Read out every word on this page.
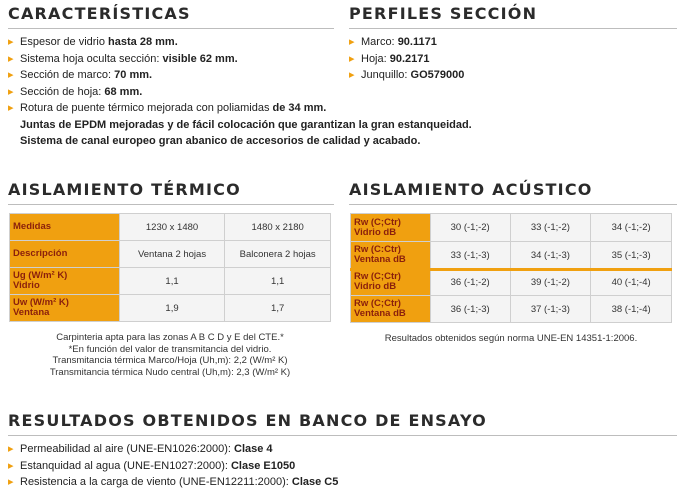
CARACTERÍSTICAS
▸ Espesor de vidrio hasta 28 mm.
▸ Sistema hoja oculta sección: visible 62 mm.
▸ Sección de marco: 70 mm.
▸ Sección de hoja: 68 mm.
▸ Rotura de puente térmico mejorada con poliamidas de 34 mm.
Juntas de EPDM mejoradas y de fácil colocación que garantizan la gran estanqueidad.
Sistema de canal europeo gran abanico de accesorios de calidad y acabado.
PERFILES SECCIÓN
▸ Marco: 90.1171
▸ Hoja: 90.2171
▸ Junquillo: GO579000
AISLAMIENTO TÉRMICO
Medidas	1230 x 1480	1480 x 2180
Descripción	Ventana 2 hojas	Balconera 2 hojas
Ug (W/m² K)
Vidrio	1,1	1,1
Uw (W/m² K)
Ventana	1,9	1,7
Carpinteria apta para las zonas A B C D y E del CTE.*
*En función del valor de transmitancia del vidrio.
Transmitancia térmica Marco/Hoja (Uh,m): 2,2 (W/m² K)
Transmitancia térmica Nudo central (Uh,m): 2,3 (W/m² K)
AISLAMIENTO ACÚSTICO
Rw (C;Ctr)
Vidrio dB	30 (-1;-2)	33 (-1;-2)	34 (-1;-2)
Rw (C:Ctr)
Ventana dB	33 (-1;-3)	34 (-1;-3)	35 (-1;-3)
Rw (C;Ctr)
Vidrio dB	36 (-1;-2)	39 (-1;-2)	40 (-1;-4)
Rw (C;Ctr)
Ventana dB	36 (-1;-3)	37 (-1;-3)	38 (-1;-4)
Resultados obtenidos según norma UNE-EN 14351-1:2006.
RESULTADOS OBTENIDOS EN BANCO DE ENSAYO
▸ Permeabilidad al aire (UNE-EN1026:2000): Clase 4
▸ Estanquidad al agua (UNE-EN1027:2000): Clase E1050
▸ Resistencia a la carga de viento (UNE-EN12211:2000): Clase C5
